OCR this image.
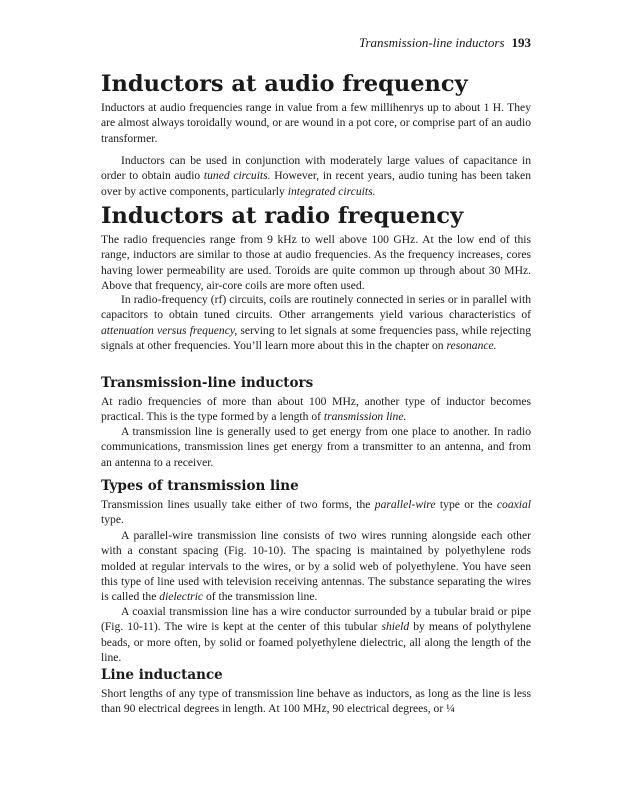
Transmission-line inductors 193
Inductors at audio frequency

Inductors at audio frequencies range in value from a few millihenrys up to about 1 H. They are almost always toroidally wound, or are wound in a pot core, or comprise part of an audio transformer.

Inductors can be used in conjunction with moderately large values of capacitance in order to obtain audio tuned circuits. However, in recent years, audio tuning has been taken over by active components, particularly integrated circuits.

Inductors at radio frequency

The radio frequencies range from 9 kHz to well above 100 GHz. At the low end of this range, inductors are similar to those at audio frequencies. As the frequency increases, cores having lower permeability are used. Toroids are quite common up through about 30 MHz. Above that frequency, air-core coils are more often used.

In radio-frequency (rf) circuits, coils are routinely connected in series or in parallel with capacitors to obtain tuned circuits. Other arrangements yield various characteristics of attenuation versus frequency, serving to let signals at some frequencies pass, while rejecting signals at other frequencies. You’ll learn more about this in the chapter on resonance.

Transmission-line inductors

At radio frequencies of more than about 100 MHz, another type of inductor becomes practical. This is the type formed by a length of transmission line.

A transmission line is generally used to get energy from one place to another. In radio communications, transmission lines get energy from a transmitter to an antenna, and from an antenna to a receiver.

Types of transmission line

Transmission lines usually take either of two forms, the parallel-wire type or the coaxial type.

A parallel-wire transmission line consists of two wires running alongside each other with a constant spacing (Fig. 10-10). The spacing is maintained by polyethylene rods molded at regular intervals to the wires, or by a solid web of polyethylene. You have seen this type of line used with television receiving antennas. The substance separating the wires is called the dielectric of the transmission line.

A coaxial transmission line has a wire conductor surrounded by a tubular braid or pipe (Fig. 10-11). The wire is kept at the center of this tubular shield by means of polythylene beads, or more often, by solid or foamed polyethylene dielectric, all along the length of the line.

Line inductance

Short lengths of any type of transmission line behave as inductors, as long as the line is less than 90 electrical degrees in length. At 100 MHz, 90 electrical degrees, or ¼
